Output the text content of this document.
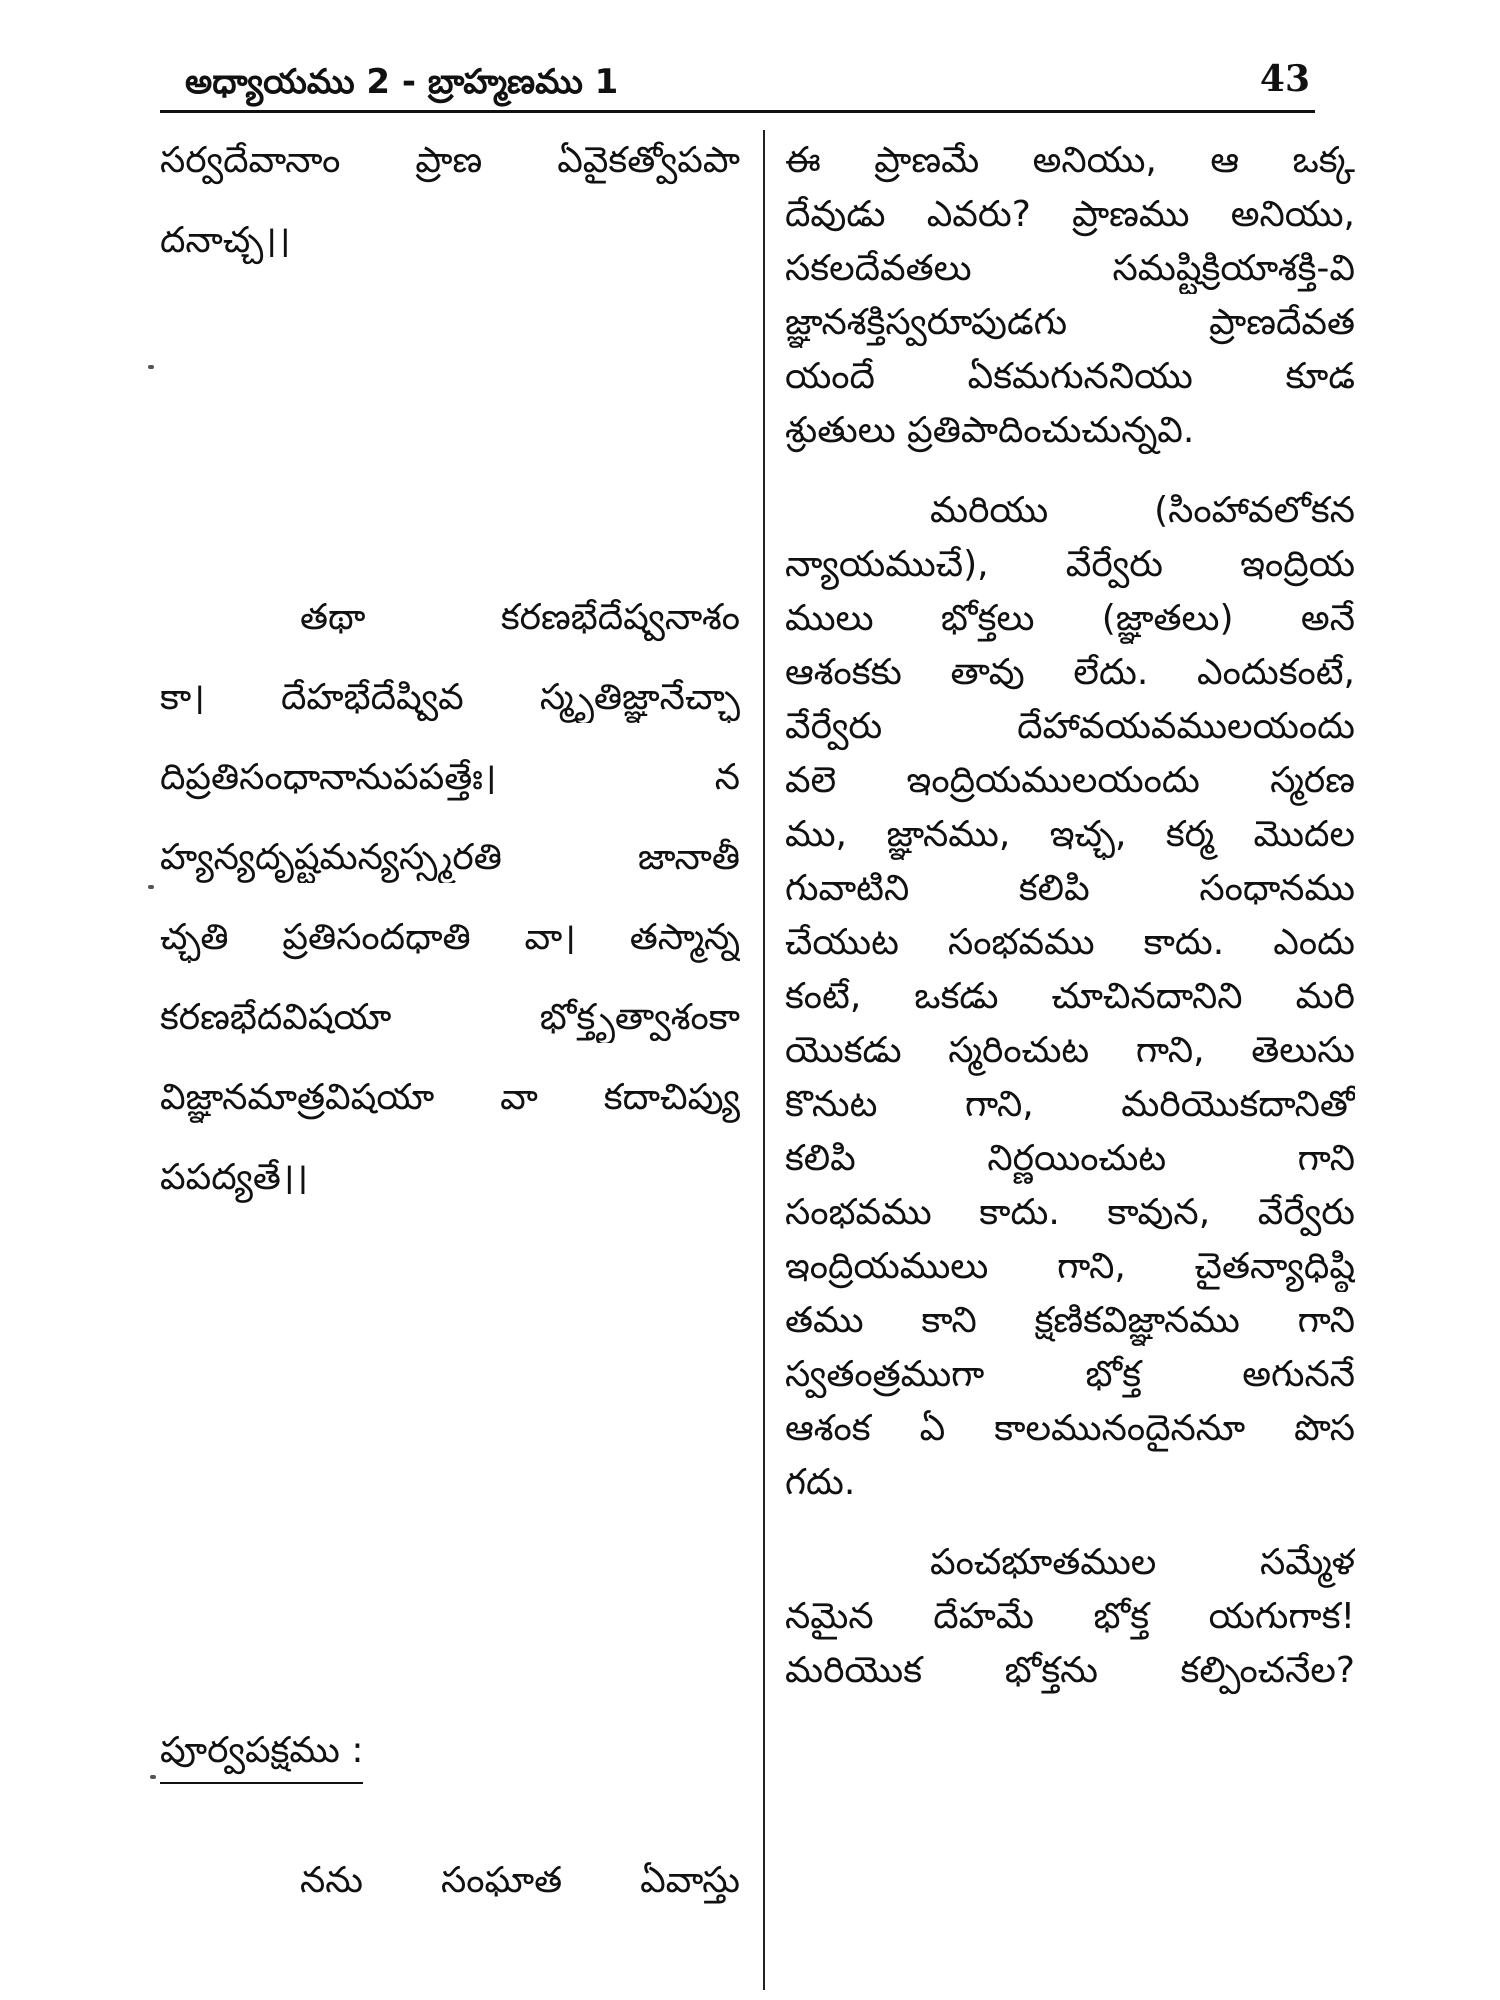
అధ్యాయము 2 - బ్రాహ్మణము 1	43
సర్వదేవానాం ప్రాణ ఏవైకత్వోపపా
దనాచ్చ।।
తథా కరణభేదేష్వనాశం
కా। దేహభేదేష్వివ స్మృతిజ్ఞానేచ్ఛా
దిప్రతిసంధానానుపపత్తేః। న
హ్యన్యదృష్టమన్యస్స్మరతి జానాతీ
చ్ఛతి ప్రతిసందధాతి వా। తస్మాన్న
కరణభేదవిషయా భోక్తృత్వాశంకా
విజ్ఞానమాత్రవిషయా వా కదాచిప్యు
పపద్యతే।।
పూర్వపక్షము :
నను సంఘాత ఏవాస్తు
ఈ ప్రాణమే అనియు, ఆ ఒక్క
దేవుడు ఎవరు? ప్రాణము అనియు,
సకలదేవతలు సమష్టిక్రియాశక్తి-వి
జ్ఞానశక్తిస్వరూపుడగు ప్రాణదేవత
యందే ఏకమగుననియు కూడ
శ్రుతులు ప్రతిపాదించుచున్నవి.
మరియు (సింహావలోకన
న్యాయముచే), వేర్వేరు ఇంద్రియ
ములు భోక్తలు (జ్ఞాతలు) అనే
ఆశంకకు తావు లేదు. ఎందుకంటే,
వేర్వేరు దేహావయవములయందు
వలె ఇంద్రియములయందు స్మరణ
ము, జ్ఞానము, ఇచ్ఛ, కర్మ మొదల
గువాటిని కలిపి సంధానము
చేయుట సంభవము కాదు. ఎందు
కంటే, ఒకడు చూచినదానిని మరి
యొకడు స్మరించుట గాని, తెలుసు
కొనుట గాని, మరియొకదానితో
కలిపి నిర్ణయించుట గాని
సంభవము కాదు. కావున, వేర్వేరు
ఇంద్రియములు గాని, చైతన్యాధిష్ఠి
తము కాని క్షణికవిజ్ఞానము గాని
స్వతంత్రముగా భోక్త అగుననే
ఆశంక ఏ కాలమునందైననూ పొస
గదు.
పంచభూతముల సమ్మేళ
నమైన దేహమే భోక్త యగుగాక!
మరియొక భోక్తను కల్పించనేల?
